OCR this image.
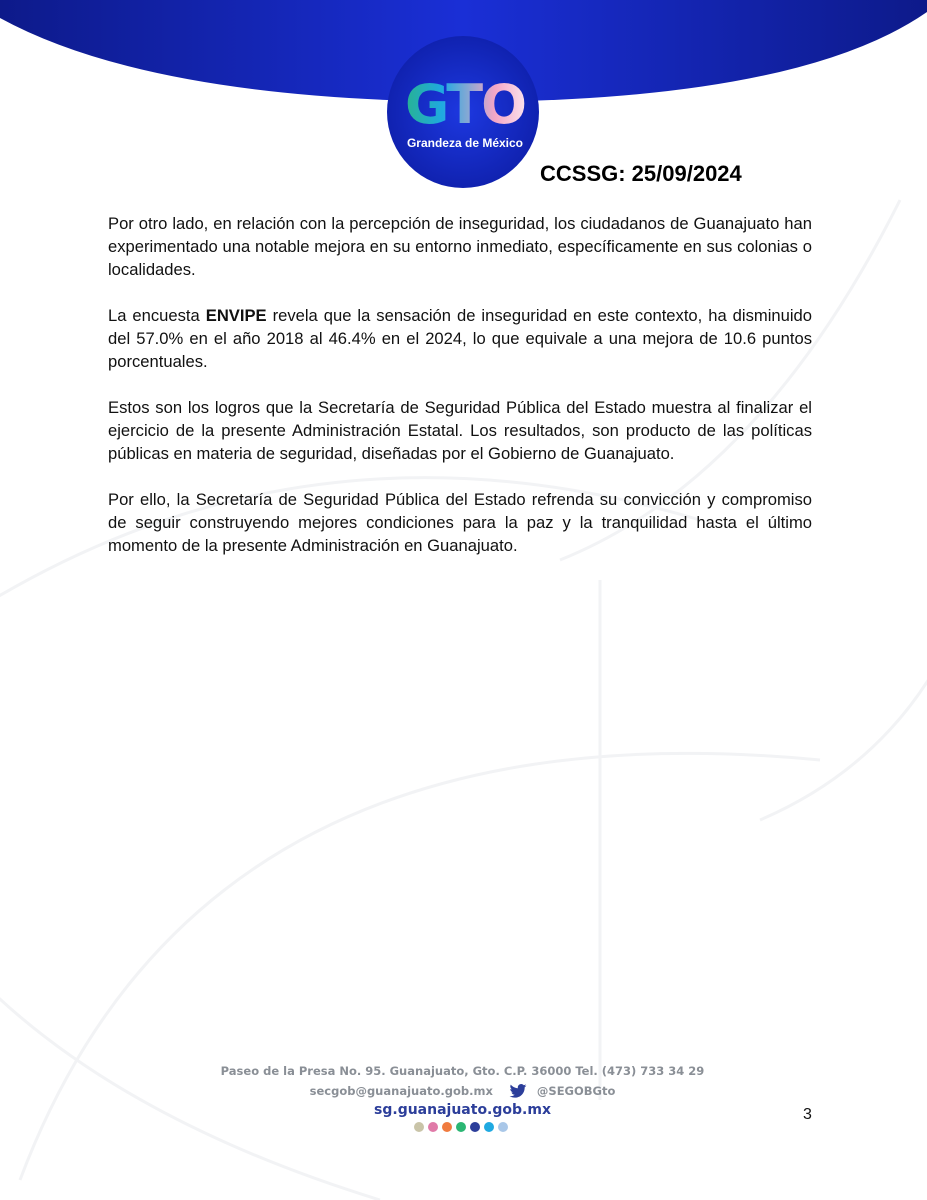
GTO
Grandeza de México
CCSSG: 25/09/2024

Por otro lado, en relación con la percepción de inseguridad, los ciudadanos de Guanajuato han experimentado una notable mejora en su entorno inmediato, específicamente en sus colonias o localidades.

La encuesta ENVIPE revela que la sensación de inseguridad en este contexto, ha disminuido del 57.0% en el año 2018 al 46.4% en el 2024, lo que equivale a una mejora de 10.6 puntos porcentuales.

Estos son los logros que la Secretaría de Seguridad Pública del Estado muestra al finalizar el ejercicio de la presente Administración Estatal. Los resultados, son producto de las políticas públicas en materia de seguridad, diseñadas por el Gobierno de Guanajuato.

Por ello, la Secretaría de Seguridad Pública del Estado refrenda su convicción y compromiso de seguir construyendo mejores condiciones para la paz y la tranquilidad hasta el último momento de la presente Administración en Guanajuato.

Paseo de la Presa No. 95. Guanajuato, Gto. C.P. 36000 Tel. (473) 733 34 29
secgob@guanajuato.gob.mx	@SEGOBGto
sg.guanajuato.gob.mx	3
